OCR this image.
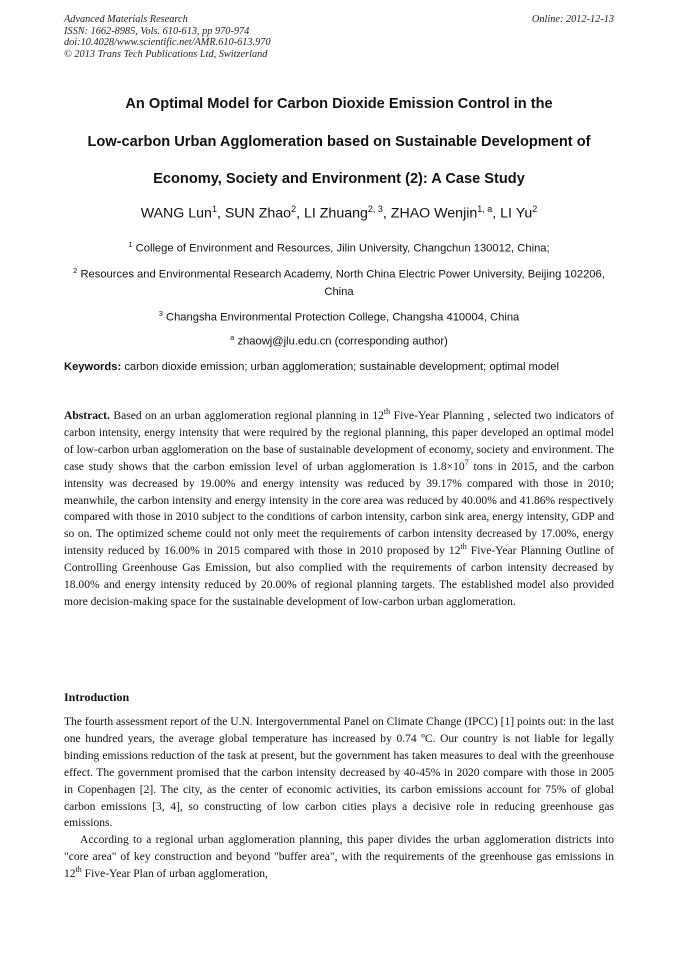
Advanced Materials Research
ISSN: 1662-8985, Vols. 610-613, pp 970-974
doi:10.4028/www.scientific.net/AMR.610-613.970
© 2013 Trans Tech Publications Ltd, Switzerland
Online: 2012-12-13
An Optimal Model for Carbon Dioxide Emission Control in the
Low-carbon Urban Agglomeration based on Sustainable Development of
Economy, Society and Environment (2): A Case Study
WANG Lun$^1$, SUN Zhao$^2$, LI Zhuang$^{2, 3}$, ZHAO Wenjin$^{1, a}$, LI Yu$^2$
$^1$ College of Environment and Resources, Jilin University, Changchun 130012, China;
$^2$ Resources and Environmental Research Academy, North China Electric Power University, Beijing 102206, China
$^3$ Changsha Environmental Protection College, Changsha 410004, China
$^a$ zhaowj@jlu.edu.cn (corresponding author)
Keywords: carbon dioxide emission; urban agglomeration; sustainable development; optimal model
Abstract. Based on an urban agglomeration regional planning in 12th Five-Year Planning , selected two indicators of carbon intensity, energy intensity that were required by the regional planning, this paper developed an optimal model of low-carbon urban agglomeration on the base of sustainable development of economy, society and environment. The case study shows that the carbon emission level of urban agglomeration is $1.8\times 10^7$ tons in 2015, and the carbon intensity was decreased by 19.00% and energy intensity was reduced by 39.17% compared with those in 2010; meanwhile, the carbon intensity and energy intensity in the core area was reduced by 40.00% and 41.86% respectively compared with those in 2010 subject to the conditions of carbon intensity, carbon sink area, energy intensity, GDP and so on. The optimized scheme could not only meet the requirements of carbon intensity decreased by 17.00%, energy intensity reduced by 16.00% in 2015 compared with those in 2010 proposed by 12th Five-Year Planning Outline of Controlling Greenhouse Gas Emission, but also complied with the requirements of carbon intensity decreased by 18.00% and energy intensity reduced by 20.00% of regional planning targets. The established model also provided more decision-making space for the sustainable development of low-carbon urban agglomeration.
Introduction
The fourth assessment report of the U.N. Intergovernmental Panel on Climate Change (IPCC) [1] points out: in the last one hundred years, the average global temperature has increased by 0.74 ºC. Our country is not liable for legally binding emissions reduction of the task at present, but the government has taken measures to deal with the greenhouse effect. The government promised that the carbon intensity decreased by 40-45% in 2020 compare with those in 2005 in Copenhagen [2]. The city, as the center of economic activities, its carbon emissions account for 75% of global carbon emissions [3, 4], so constructing of low carbon cities plays a decisive role in reducing greenhouse gas emissions.
According to a regional urban agglomeration planning, this paper divides the urban agglomeration districts into "core area" of key construction and beyond "buffer area", with the requirements of the greenhouse gas emissions in 12th Five-Year Plan of urban agglomeration,
